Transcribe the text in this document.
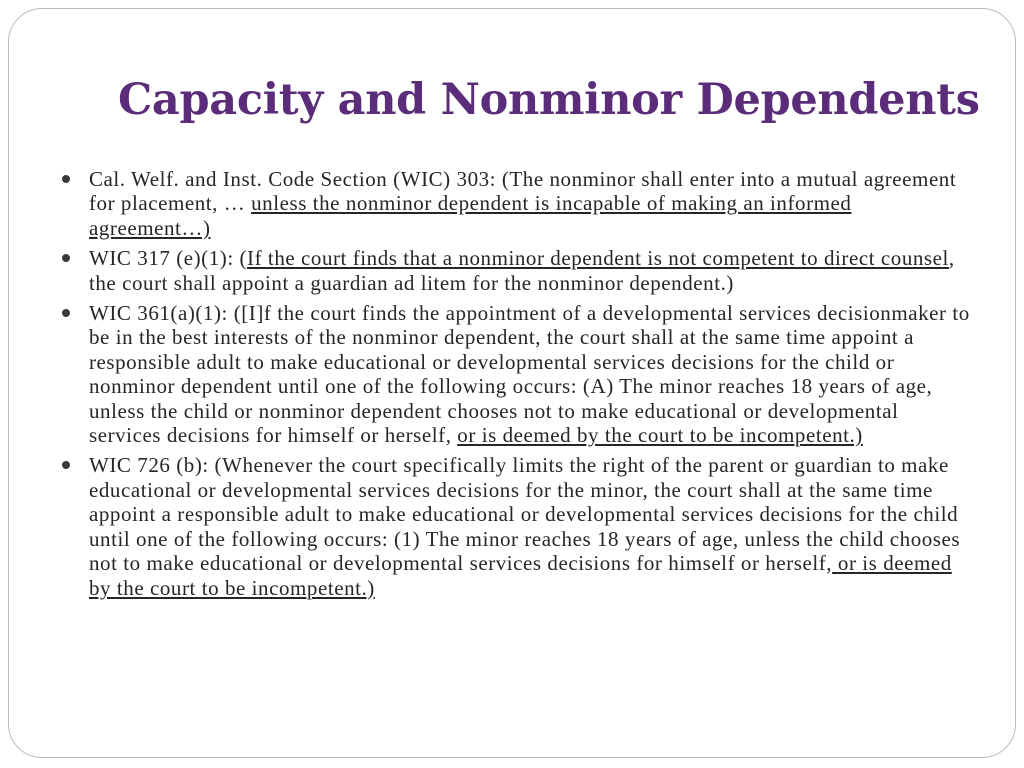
Capacity and Nonminor Dependents
Cal. Welf. and Inst. Code Section (WIC) 303: (The nonminor shall enter into a mutual agreement for placement, … unless the nonminor dependent is incapable of making an informed agreement…)
WIC 317 (e)(1): (If the court finds that a nonminor dependent is not competent to direct counsel, the court shall appoint a guardian ad litem for the nonminor dependent.)
WIC 361(a)(1): ([I]f the court finds the appointment of a developmental services decisionmaker to be in the best interests of the nonminor dependent, the court shall at the same time appoint a responsible adult to make educational or developmental services decisions for the child or nonminor dependent until one of the following occurs: (A) The minor reaches 18 years of age, unless the child or nonminor dependent chooses not to make educational or developmental services decisions for himself or herself, or is deemed by the court to be incompetent.)
WIC 726 (b): (Whenever the court specifically limits the right of the parent or guardian to make educational or developmental services decisions for the minor, the court shall at the same time appoint a responsible adult to make educational or developmental services decisions for the child until one of the following occurs: (1) The minor reaches 18 years of age, unless the child chooses not to make educational or developmental services decisions for himself or herself, or is deemed by the court to be incompetent.)
